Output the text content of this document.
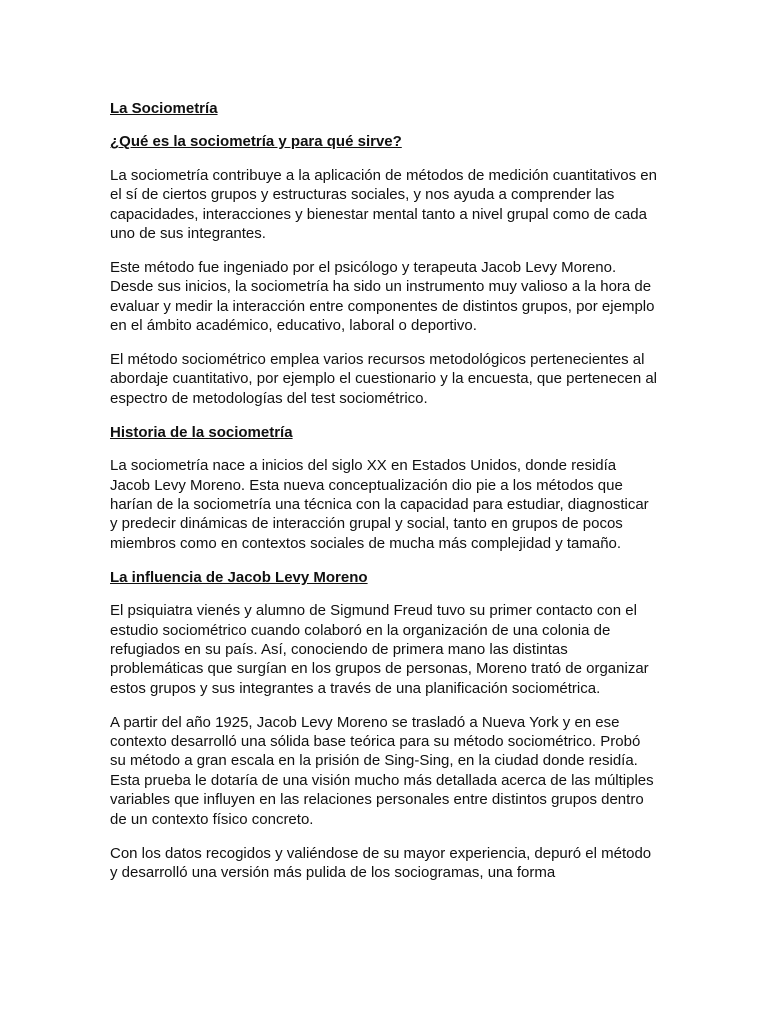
La Sociometría
¿Qué es la sociometría y para qué sirve?

La sociometría contribuye a la aplicación de métodos de medición cuantitativos en el sí de ciertos grupos y estructuras sociales, y nos ayuda a comprender las capacidades, interacciones y bienestar mental tanto a nivel grupal como de cada uno de sus integrantes.

Este método fue ingeniado por el psicólogo y terapeuta Jacob Levy Moreno. Desde sus inicios, la sociometría ha sido un instrumento muy valioso a la hora de evaluar y medir la interacción entre componentes de distintos grupos, por ejemplo en el ámbito académico, educativo, laboral o deportivo.

El método sociométrico emplea varios recursos metodológicos pertenecientes al abordaje cuantitativo, por ejemplo el cuestionario y la encuesta, que pertenecen al espectro de metodologías del test sociométrico.

Historia de la sociometría

La sociometría nace a inicios del siglo XX en Estados Unidos, donde residía Jacob Levy Moreno. Esta nueva conceptualización dio pie a los métodos que harían de la sociometría una técnica con la capacidad para estudiar, diagnosticar y predecir dinámicas de interacción grupal y social, tanto en grupos de pocos miembros como en contextos sociales de mucha más complejidad y tamaño.

La influencia de Jacob Levy Moreno

El psiquiatra vienés y alumno de Sigmund Freud tuvo su primer contacto con el estudio sociométrico cuando colaboró en la organización de una colonia de refugiados en su país. Así, conociendo de primera mano las distintas problemáticas que surgían en los grupos de personas, Moreno trató de organizar estos grupos y sus integrantes a través de una planificación sociométrica.

A partir del año 1925, Jacob Levy Moreno se trasladó a Nueva York y en ese contexto desarrolló una sólida base teórica para su método sociométrico. Probó su método a gran escala en la prisión de Sing-Sing, en la ciudad donde residía. Esta prueba le dotaría de una visión mucho más detallada acerca de las múltiples variables que influyen en las relaciones personales entre distintos grupos dentro de un contexto físico concreto.

Con los datos recogidos y valiéndose de su mayor experiencia, depuró el método y desarrolló una versión más pulida de los sociogramas, una forma
